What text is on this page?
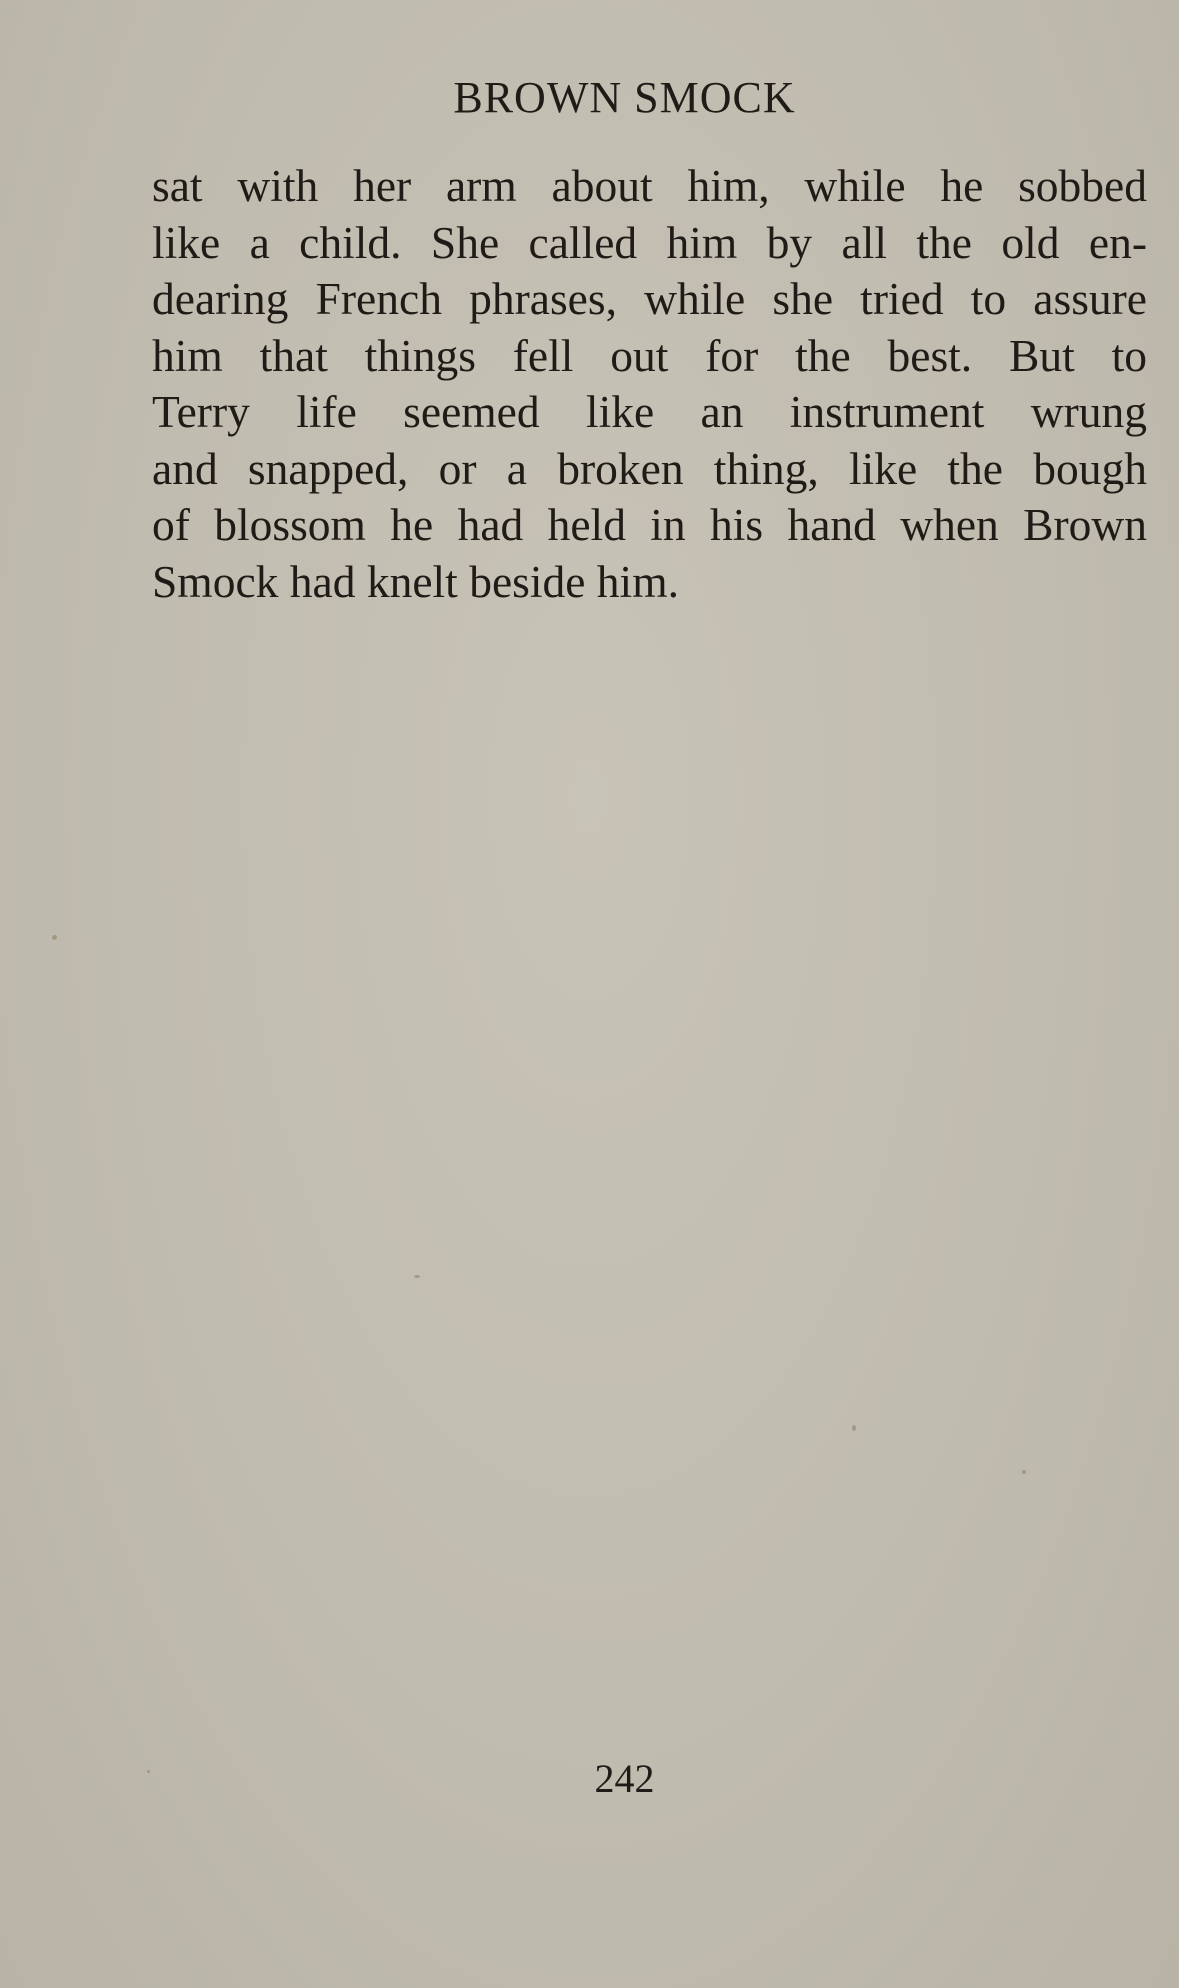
BROWN SMOCK

sat with her arm about him, while he sobbed
like a child. She called him by all the old en-
dearing French phrases, while she tried to assure
him that things fell out for the best. But to
Terry life seemed like an instrument wrung
and snapped, or a broken thing, like the bough
of blossom he had held in his hand when Brown
Smock had knelt beside him.

242
